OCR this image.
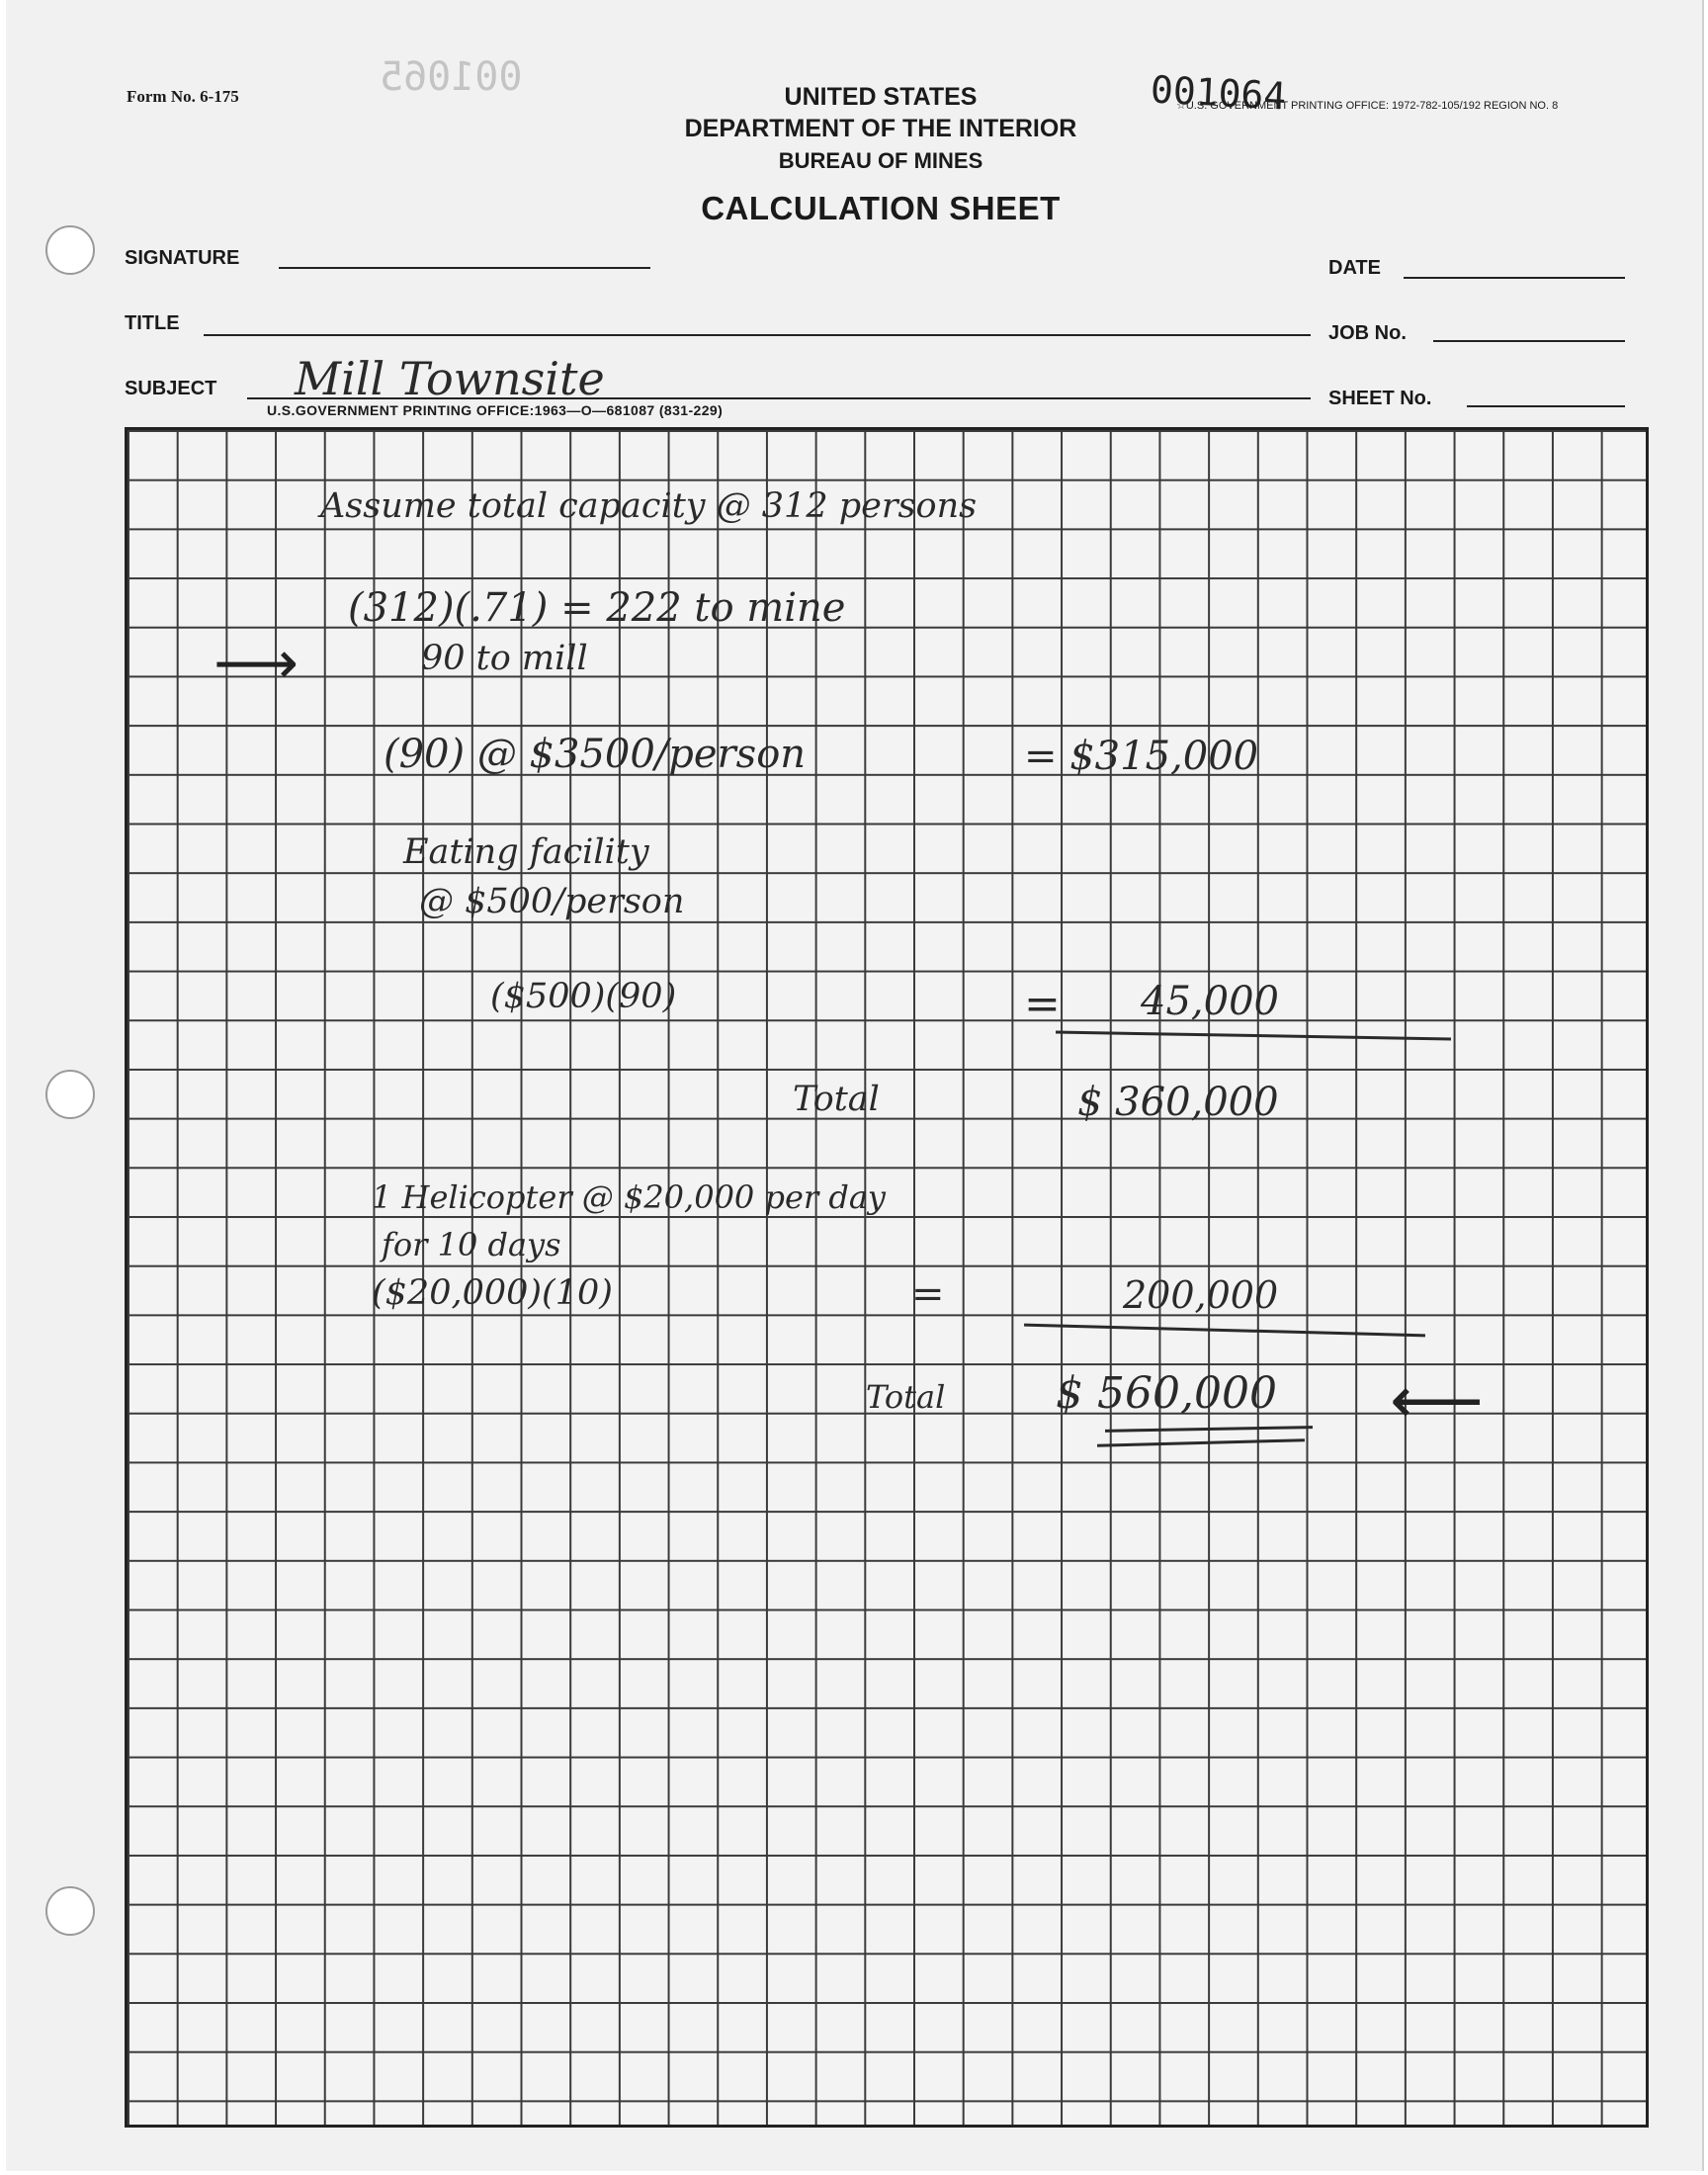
Form No. 6-175	001065	UNITED STATES
DEPARTMENT OF THE INTERIOR
BUREAU OF MINES
CALCULATION SHEET
001064
☆U.S. GOVERNMENT PRINTING OFFICE: 1972-782-105/192 REGION NO. 8
SIGNATURE	DATE
TITLE	JOB No.
SUBJECT Mill Townsite	SHEET No.
U.S.GOVERNMENT PRINTING OFFICE:1963—O—681087 (831-229)
Assume total capacity @ 312 persons
(312)(.71) = 222 to mine
⟶	90 to mill
(90) @ $3500/person	= $315,000
Eating facility
@ $500/person
($500)(90)	= 45,000
Total	$ 360,000
1 Helicopter @ $20,000 per day
for 10 days
($20,000)(10)	=	200,000
Total	$ 560,000 ⟵
